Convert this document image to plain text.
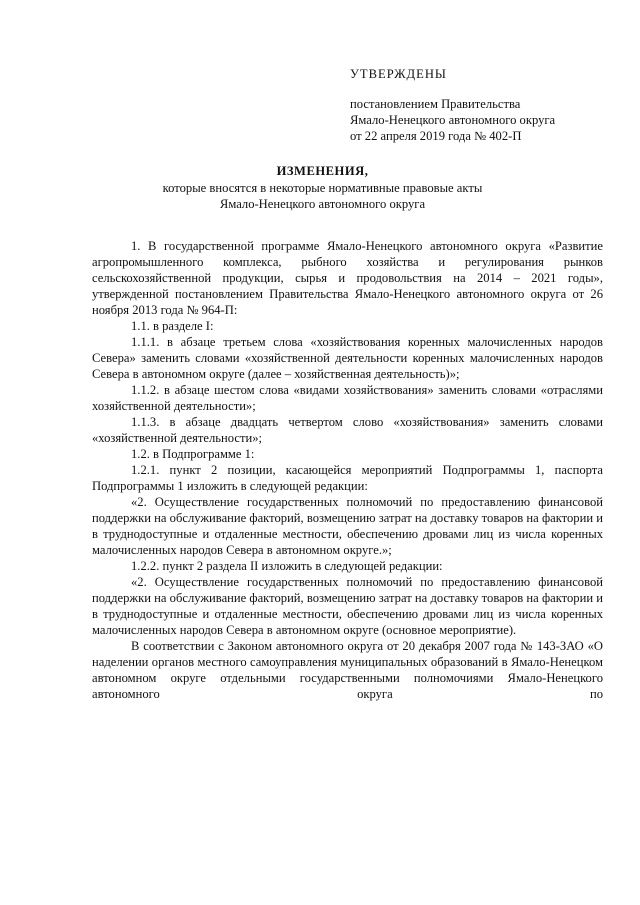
УТВЕРЖДЕНЫ
постановлением Правительства
Ямало-Ненецкого автономного округа
от 22 апреля 2019 года № 402-П
ИЗМЕНЕНИЯ,
которые вносятся в некоторые нормативные правовые акты
Ямало-Ненецкого автономного округа

1. В государственной программе Ямало-Ненецкого автономного округа «Развитие агропромышленного комплекса, рыбного хозяйства и регулирования рынков сельскохозяйственной продукции, сырья и продовольствия на 2014 – 2021 годы», утвержденной постановлением Правительства Ямало-Ненецкого автономного округа от 26 ноября 2013 года № 964-П:

1.1. в разделе I:

1.1.1. в абзаце третьем слова «хозяйствования коренных малочисленных народов Севера» заменить словами «хозяйственной деятельности коренных малочисленных народов Севера в автономном округе (далее – хозяйственная деятельность)»;

1.1.2. в абзаце шестом слова «видами хозяйствования» заменить словами «отраслями хозяйственной деятельности»;

1.1.3. в абзаце двадцать четвертом слово «хозяйствования» заменить словами «хозяйственной деятельности»;

1.2. в Подпрограмме 1:

1.2.1. пункт 2 позиции, касающейся мероприятий Подпрограммы 1, паспорта Подпрограммы 1 изложить в следующей редакции:

«2. Осуществление государственных полномочий по предоставлению финансовой поддержки на обслуживание факторий, возмещению затрат на доставку товаров на фактории и в труднодоступные и отдаленные местности, обеспечению дровами лиц из числа коренных малочисленных народов Севера в автономном округе.»;

1.2.2. пункт 2 раздела II изложить в следующей редакции:

«2. Осуществление государственных полномочий по предоставлению финансовой поддержки на обслуживание факторий, возмещению затрат на доставку товаров на фактории и в труднодоступные и отдаленные местности, обеспечению дровами лиц из числа коренных малочисленных народов Севера в автономном округе (основное мероприятие).

В соответствии с Законом автономного округа от 20 декабря 2007 года № 143-ЗАО «О наделении органов местного самоуправления муниципальных образований в Ямало-Ненецком автономном округе отдельными государственными полномочиями Ямало-Ненецкого автономного округа по
